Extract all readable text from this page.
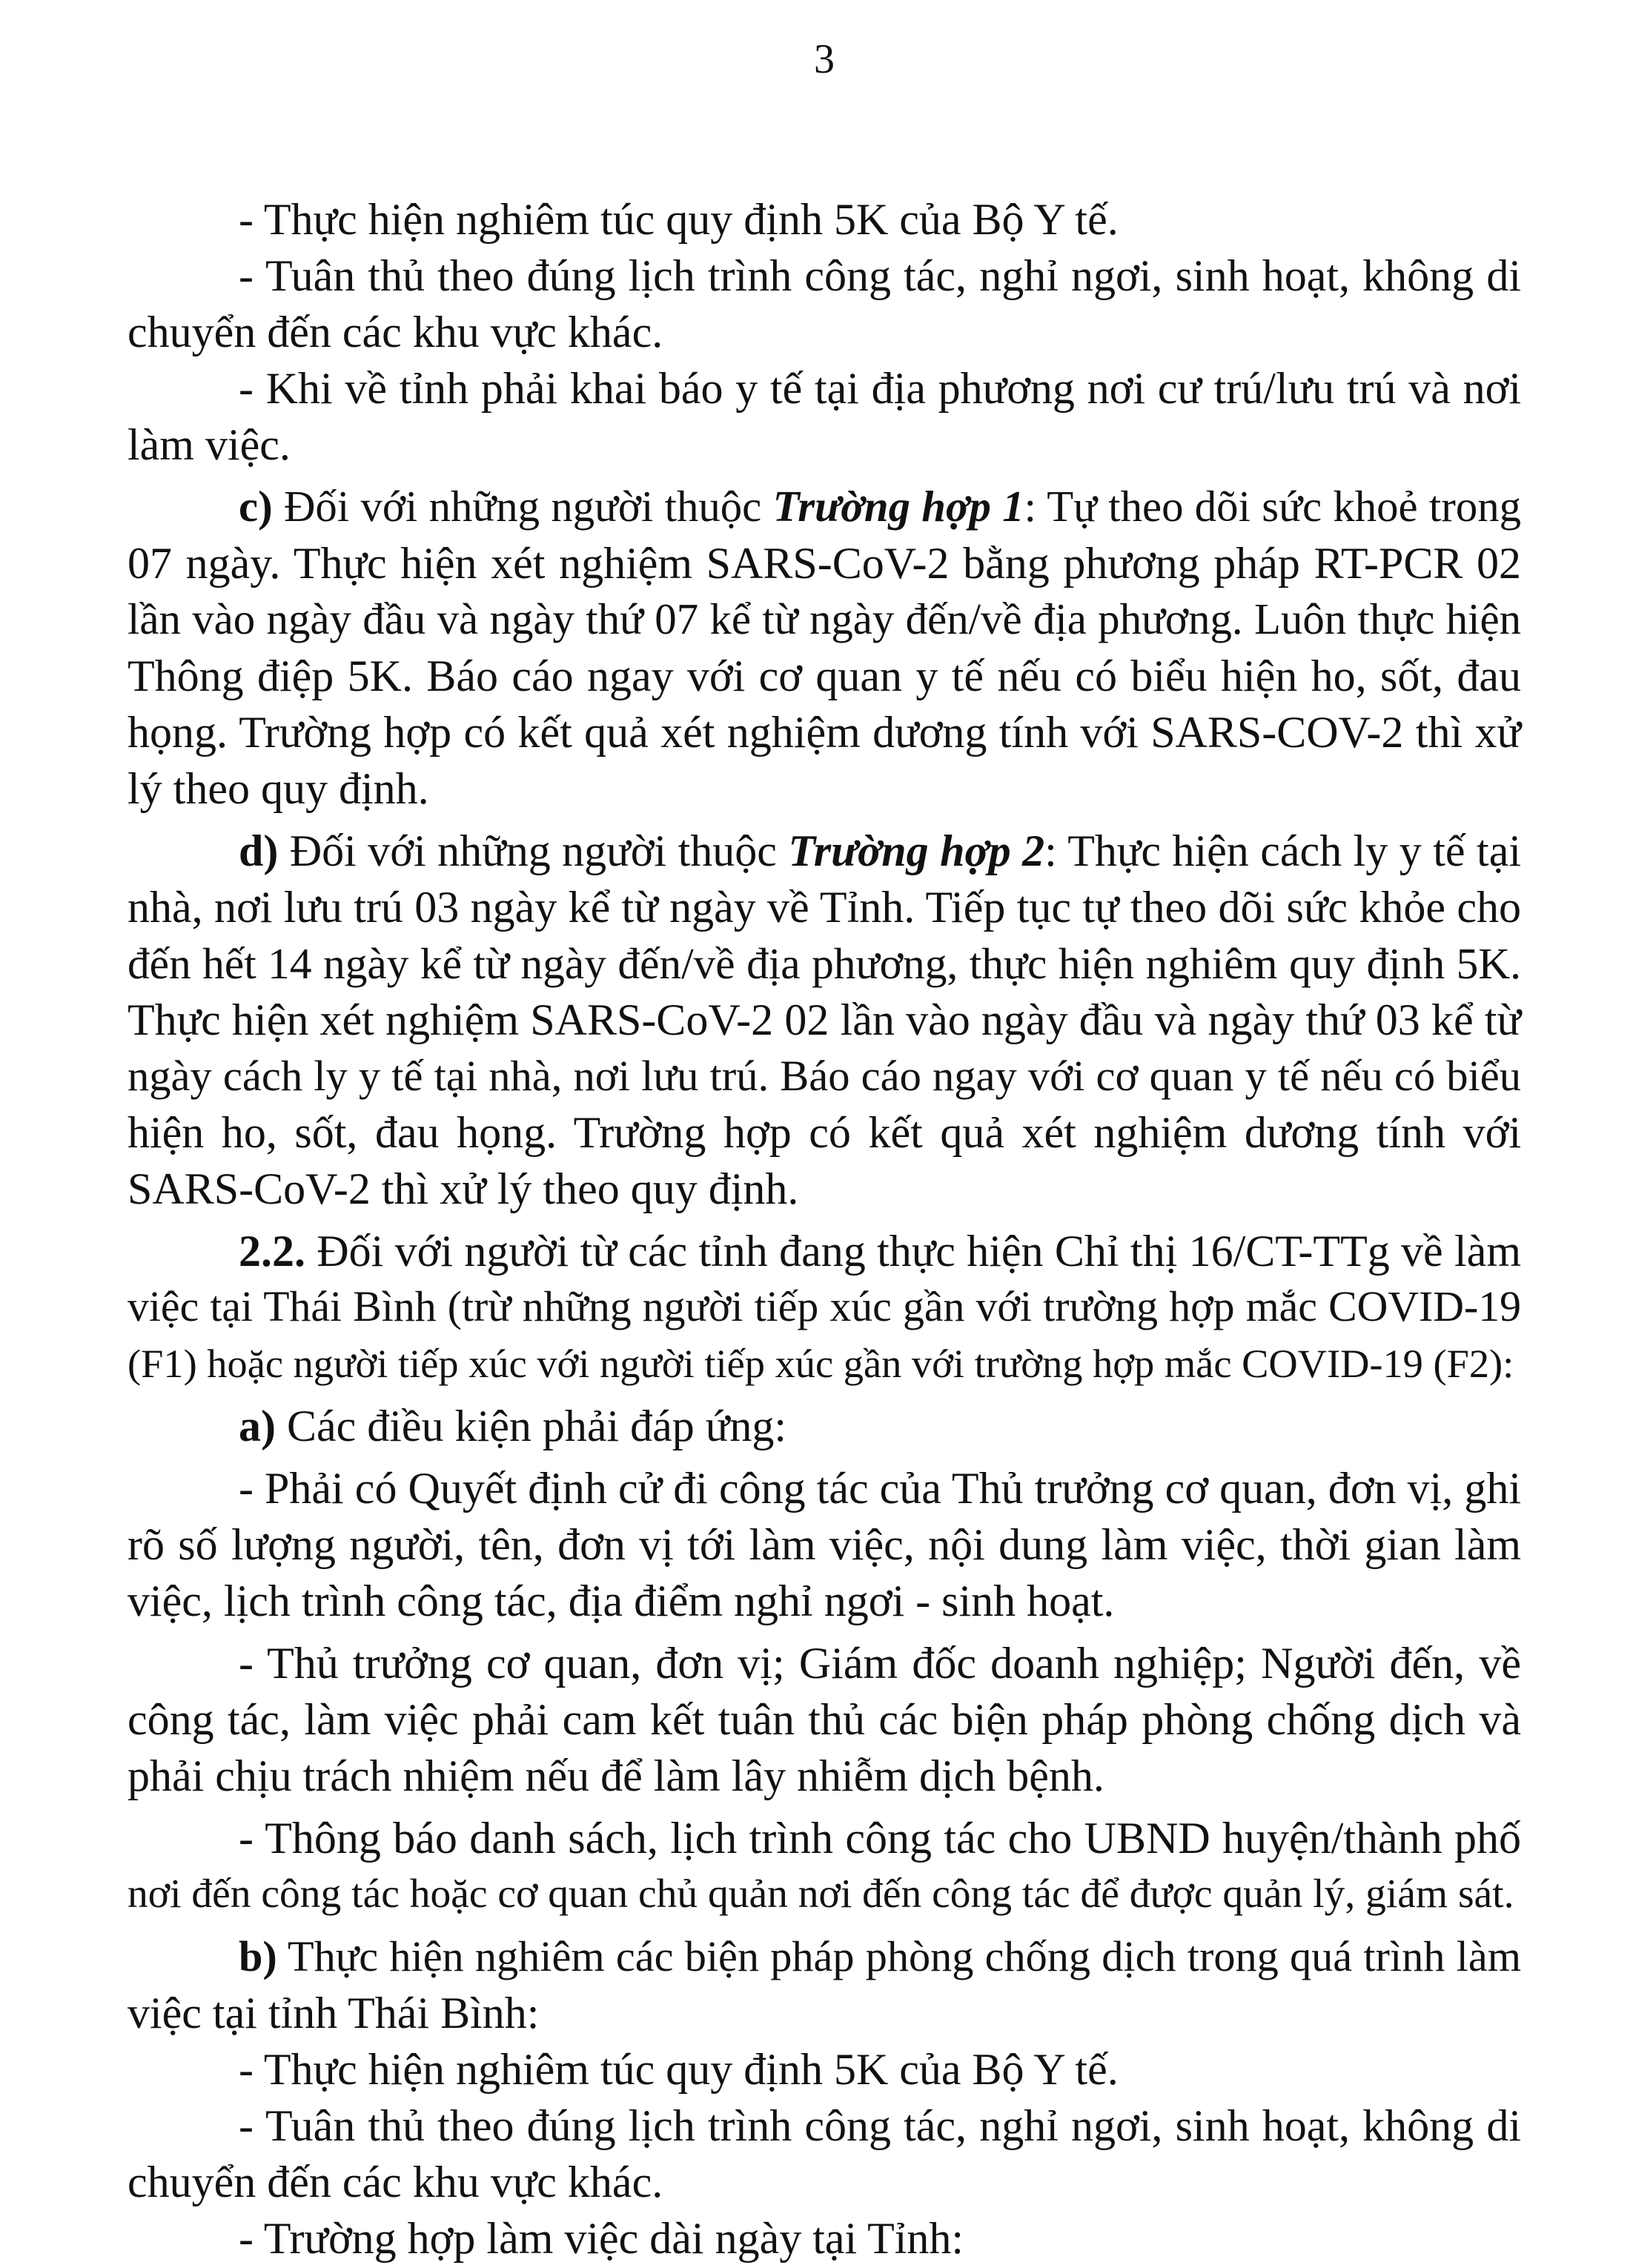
3
- Thực hiện nghiêm túc quy định 5K của Bộ Y tế.
- Tuân thủ theo đúng lịch trình công tác, nghỉ ngơi, sinh hoạt, không di
chuyển đến các khu vực khác.
- Khi về tỉnh phải khai báo y tế tại địa phương nơi cư trú/lưu trú và nơi
làm việc.
c) Đối với những người thuộc Trường hợp 1: Tự theo dõi sức khoẻ trong
07 ngày. Thực hiện xét nghiệm SARS-CoV-2 bằng phương pháp RT-PCR 02
lần vào ngày đầu và ngày thứ 07 kể từ ngày đến/về địa phương. Luôn thực hiện
Thông điệp 5K. Báo cáo ngay với cơ quan y tế nếu có biểu hiện ho, sốt, đau
họng. Trường hợp có kết quả xét nghiệm dương tính với SARS-COV-2 thì xử
lý theo quy định.
d) Đối với những người thuộc Trường hợp 2: Thực hiện cách ly y tế tại
nhà, nơi lưu trú 03 ngày kể từ ngày về Tỉnh. Tiếp tục tự theo dõi sức khỏe cho
đến hết 14 ngày kể từ ngày đến/về địa phương, thực hiện nghiêm quy định 5K.
Thực hiện xét nghiệm SARS-CoV-2 02 lần vào ngày đầu và ngày thứ 03 kể từ
ngày cách ly y tế tại nhà, nơi lưu trú. Báo cáo ngay với cơ quan y tế nếu có biểu
hiện ho, sốt, đau họng. Trường hợp có kết quả xét nghiệm dương tính với
SARS-CoV-2 thì xử lý theo quy định.
2.2. Đối với người từ các tỉnh đang thực hiện Chỉ thị 16/CT-TTg về làm
việc tại Thái Bình (trừ những người tiếp xúc gần với trường hợp mắc COVID-19
(F1) hoặc người tiếp xúc với người tiếp xúc gần với trường hợp mắc COVID-19 (F2):
a) Các điều kiện phải đáp ứng:
- Phải có Quyết định cử đi công tác của Thủ trưởng cơ quan, đơn vị, ghi
rõ số lượng người, tên, đơn vị tới làm việc, nội dung làm việc, thời gian làm
việc, lịch trình công tác, địa điểm nghỉ ngơi - sinh hoạt.
- Thủ trưởng cơ quan, đơn vị; Giám đốc doanh nghiệp; Người đến, về
công tác, làm việc phải cam kết tuân thủ các biện pháp phòng chống dịch và
phải chịu trách nhiệm nếu để làm lây nhiễm dịch bệnh.
- Thông báo danh sách, lịch trình công tác cho UBND huyện/thành phố
nơi đến công tác hoặc cơ quan chủ quản nơi đến công tác để được quản lý, giám sát.
b) Thực hiện nghiêm các biện pháp phòng chống dịch trong quá trình làm
việc tại tỉnh Thái Bình:
- Thực hiện nghiêm túc quy định 5K của Bộ Y tế.
- Tuân thủ theo đúng lịch trình công tác, nghỉ ngơi, sinh hoạt, không di
chuyển đến các khu vực khác.
- Trường hợp làm việc dài ngày tại Tỉnh:
